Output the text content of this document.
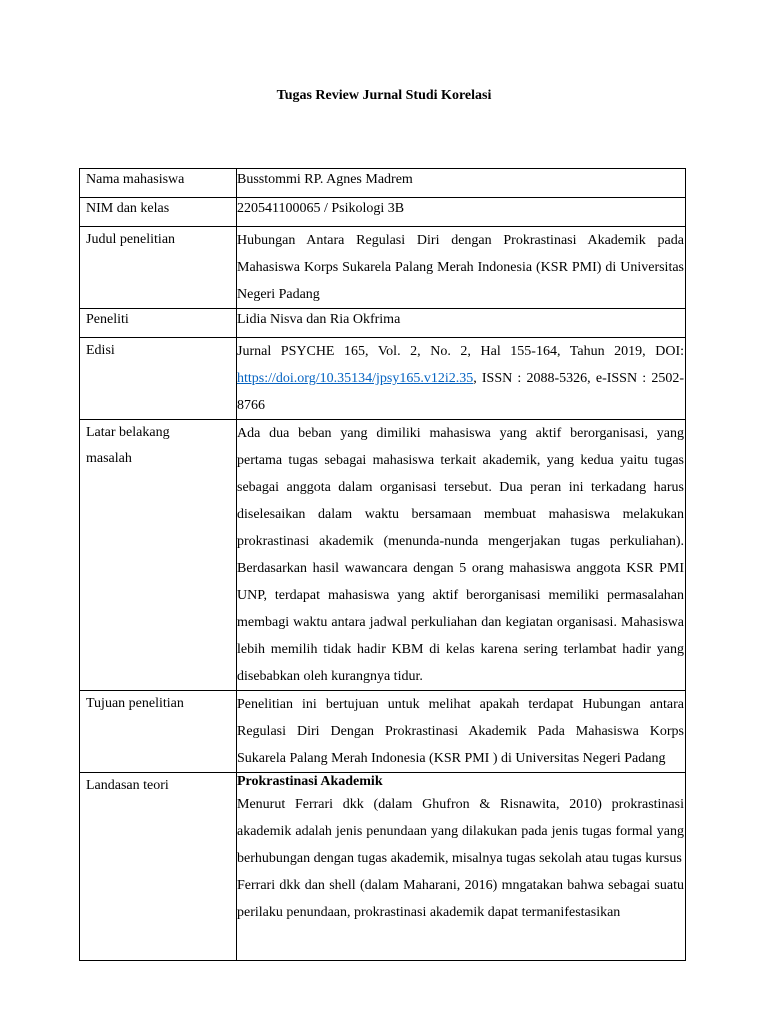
Tugas Review Jurnal Studi Korelasi
Nama mahasiswa	Busstommi RP. Agnes Madrem
NIM dan kelas	220541100065 / Psikologi 3B
Judul penelitian	Hubungan Antara Regulasi Diri dengan Prokrastinasi Akademik pada Mahasiswa Korps Sukarela Palang Merah Indonesia (KSR PMI) di Universitas Negeri Padang

Peneliti	Lidia Nisva dan Ria Okfrima
Edisi	Jurnal PSYCHE 165, Vol. 2, No. 2, Hal 155-164, Tahun 2019, DOI: https://doi.org/10.35134/jpsy165.v12i2.35, ISSN : 2088-5326, e-ISSN : 2502-8766

Latar belakang
masalah	Ada dua beban yang dimiliki mahasiswa yang aktif berorganisasi, yang pertama tugas sebagai mahasiswa terkait akademik, yang kedua yaitu tugas sebagai anggota dalam organisasi tersebut. Dua peran ini terkadang harus diselesaikan dalam waktu bersamaan membuat mahasiswa melakukan prokrastinasi akademik (menunda-nunda mengerjakan tugas perkuliahan). Berdasarkan hasil wawancara dengan 5 orang mahasiswa anggota KSR PMI UNP, terdapat mahasiswa yang aktif berorganisasi memiliki permasalahan membagi waktu antara jadwal perkuliahan dan kegiatan organisasi. Mahasiswa lebih memilih tidak hadir KBM di kelas karena sering terlambat hadir yang disebabkan oleh kurangnya tidur.

Tujuan penelitian	Penelitian ini bertujuan untuk melihat apakah terdapat Hubungan antara Regulasi Diri Dengan Prokrastinasi Akademik Pada Mahasiswa Korps Sukarela Palang Merah Indonesia (KSR PMI ) di Universitas Negeri Padang

Landasan teori	Prokrastinasi Akademik
Menurut Ferrari dkk (dalam Ghufron & Risnawita, 2010) prokrastinasi akademik adalah jenis penundaan yang dilakukan pada jenis tugas formal yang berhubungan dengan tugas akademik, misalnya tugas sekolah atau tugas kursus
Ferrari dkk dan shell (dalam Maharani, 2016) mngatakan bahwa sebagai suatu perilaku penundaan, prokrastinasi akademik dapat termanifestasikan
